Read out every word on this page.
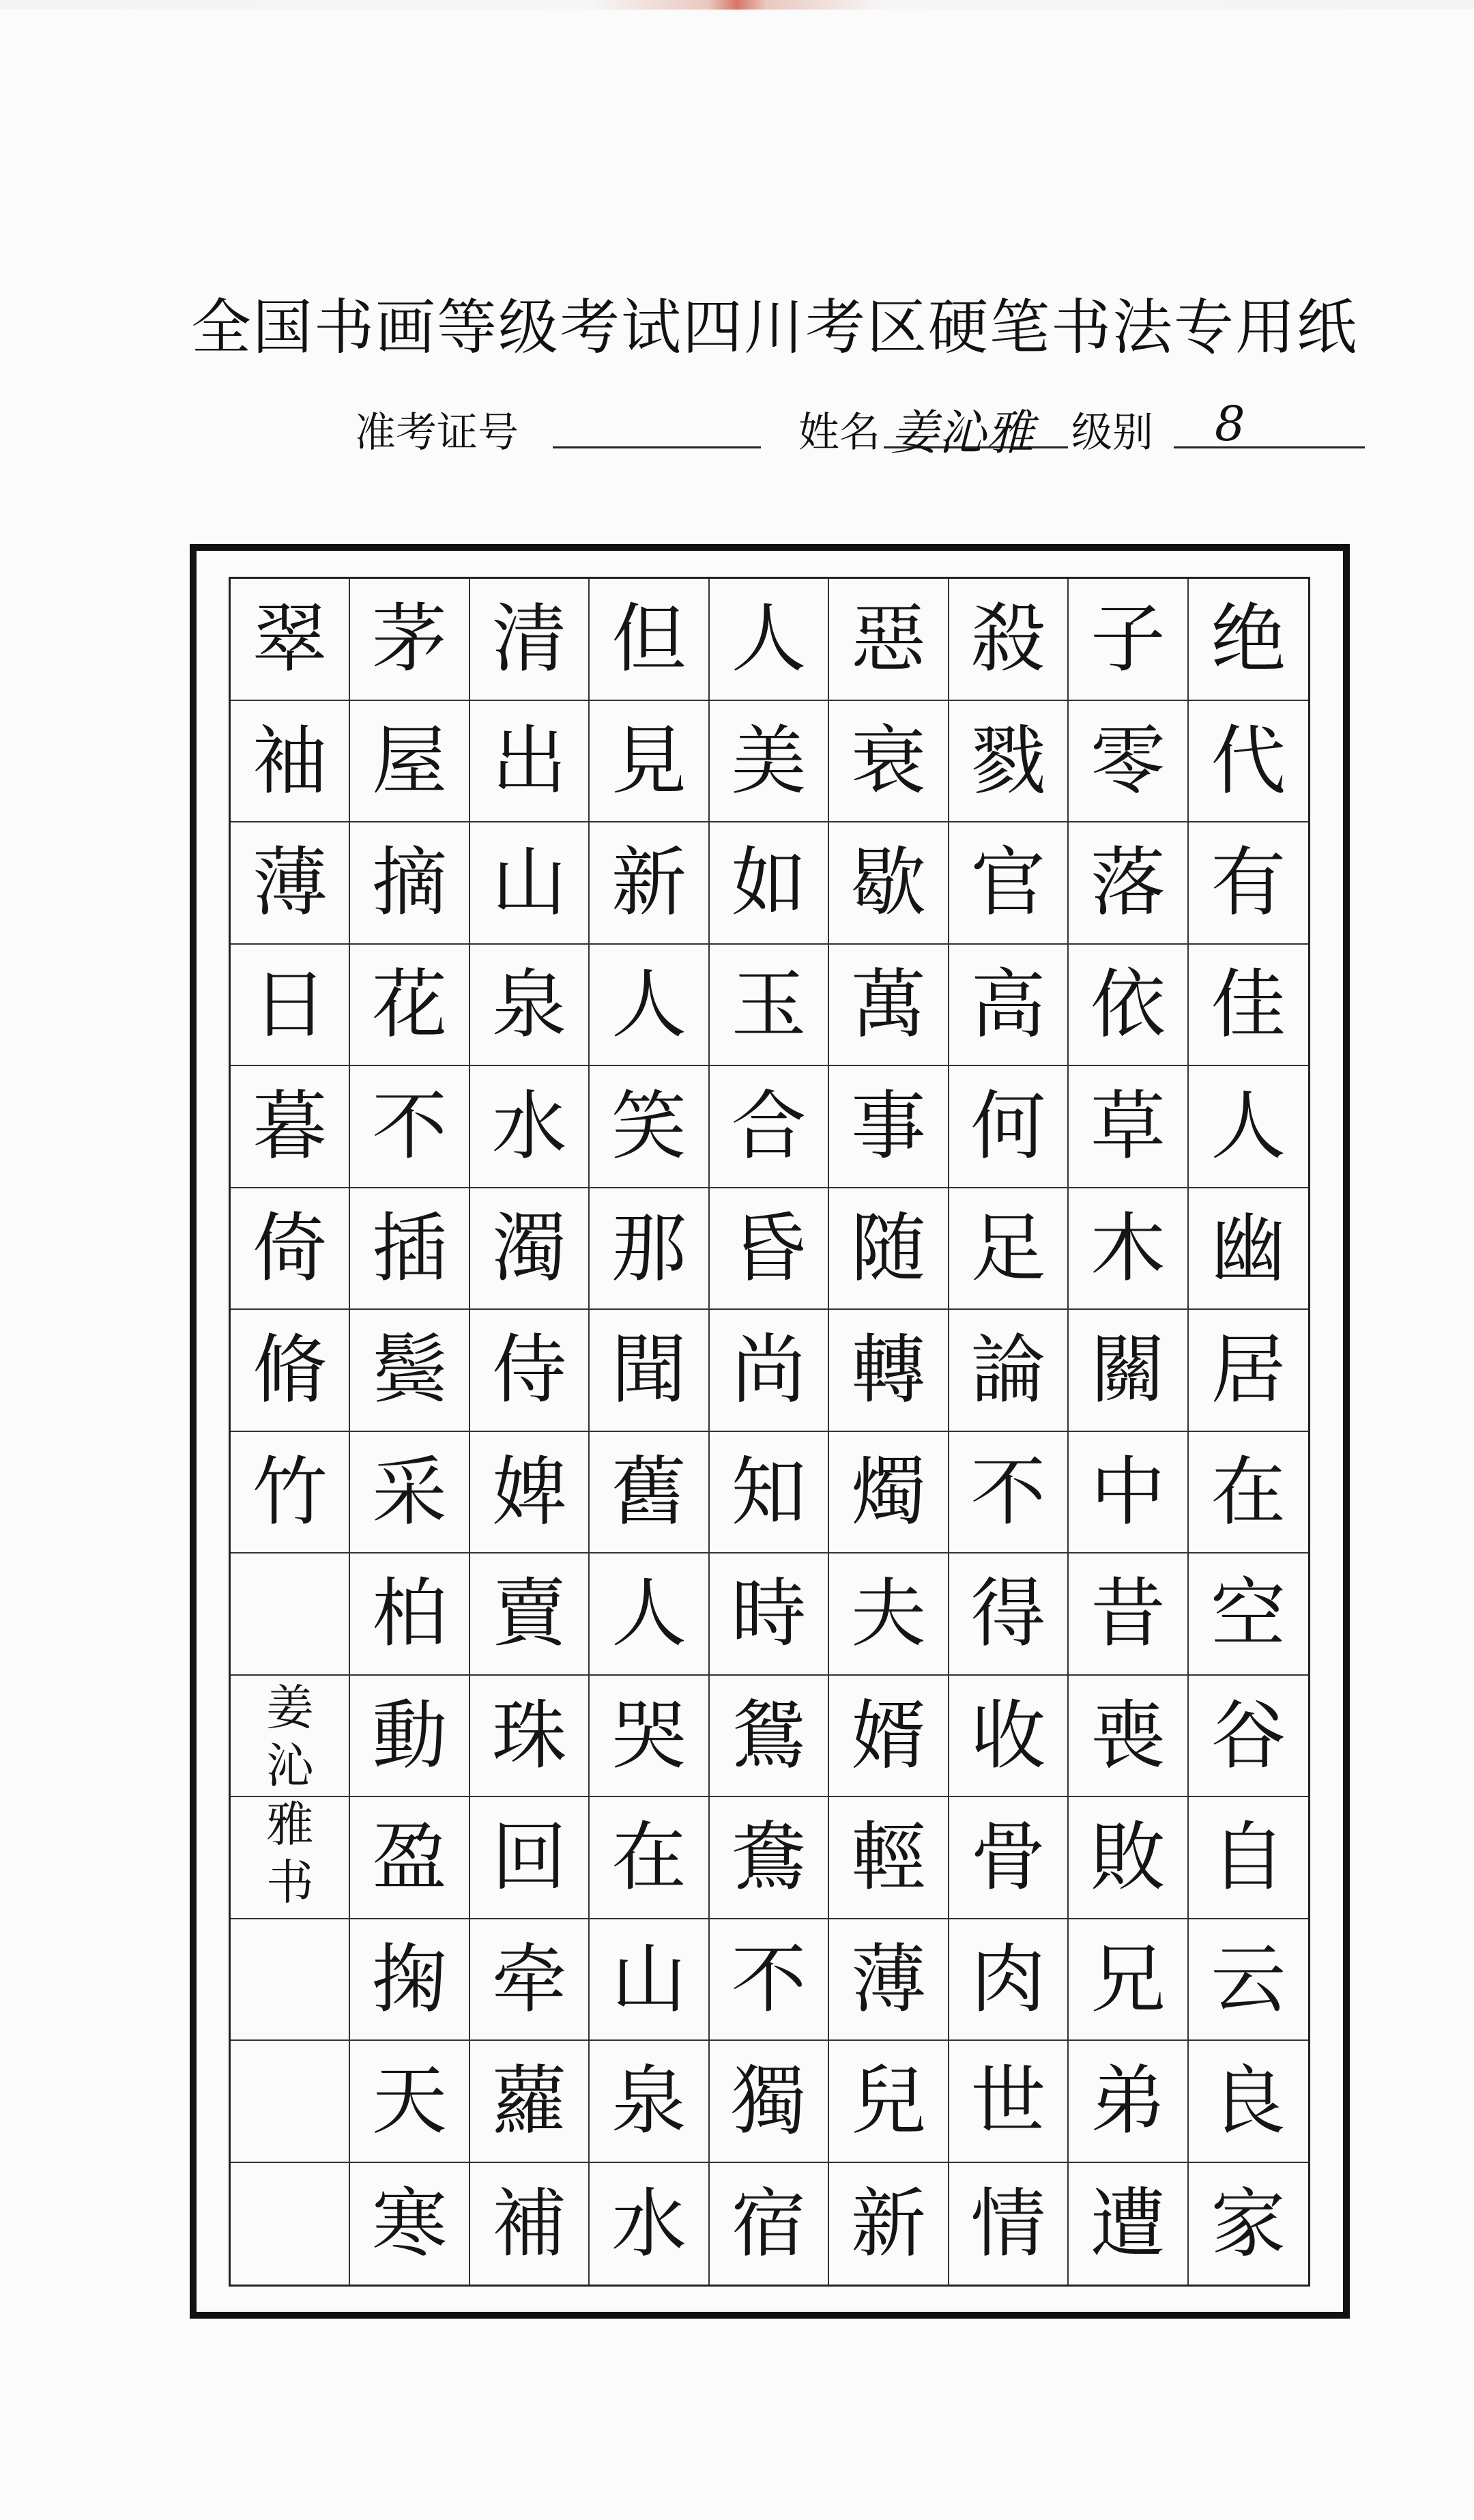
全国书画等级考试四川考区硬笔书法专用纸
准考证号	姓名 姜沁雅 级别 8
翠 茅 清 但 人 惡 殺 子 绝
袖 屋 出 見 美 衰 戮 零 代
薄 摘 山 新 如 歇 官 落 有
日 花 泉 人 玉 萬 高 依 佳
暮 不 水 笑 合 事 何 草 人
倚 插 濁 那 昏 随 足 木 幽
脩 鬓 侍 聞 尚 轉 論 關 居
竹 采 婢 舊 知 燭 不 中 在
柏 賣 人 時 夫 得 昔 空
動 珠 哭 鴛 婿 收 喪 谷
盈 回 在 鴦 輕 骨 敗 自
掬 牵 山 不 薄 肉 兄 云
天 蘿 泉 獨 兒 世 弟 良
寒 補 水 宿 新 情 遭 家
姜
沁
雅
书
